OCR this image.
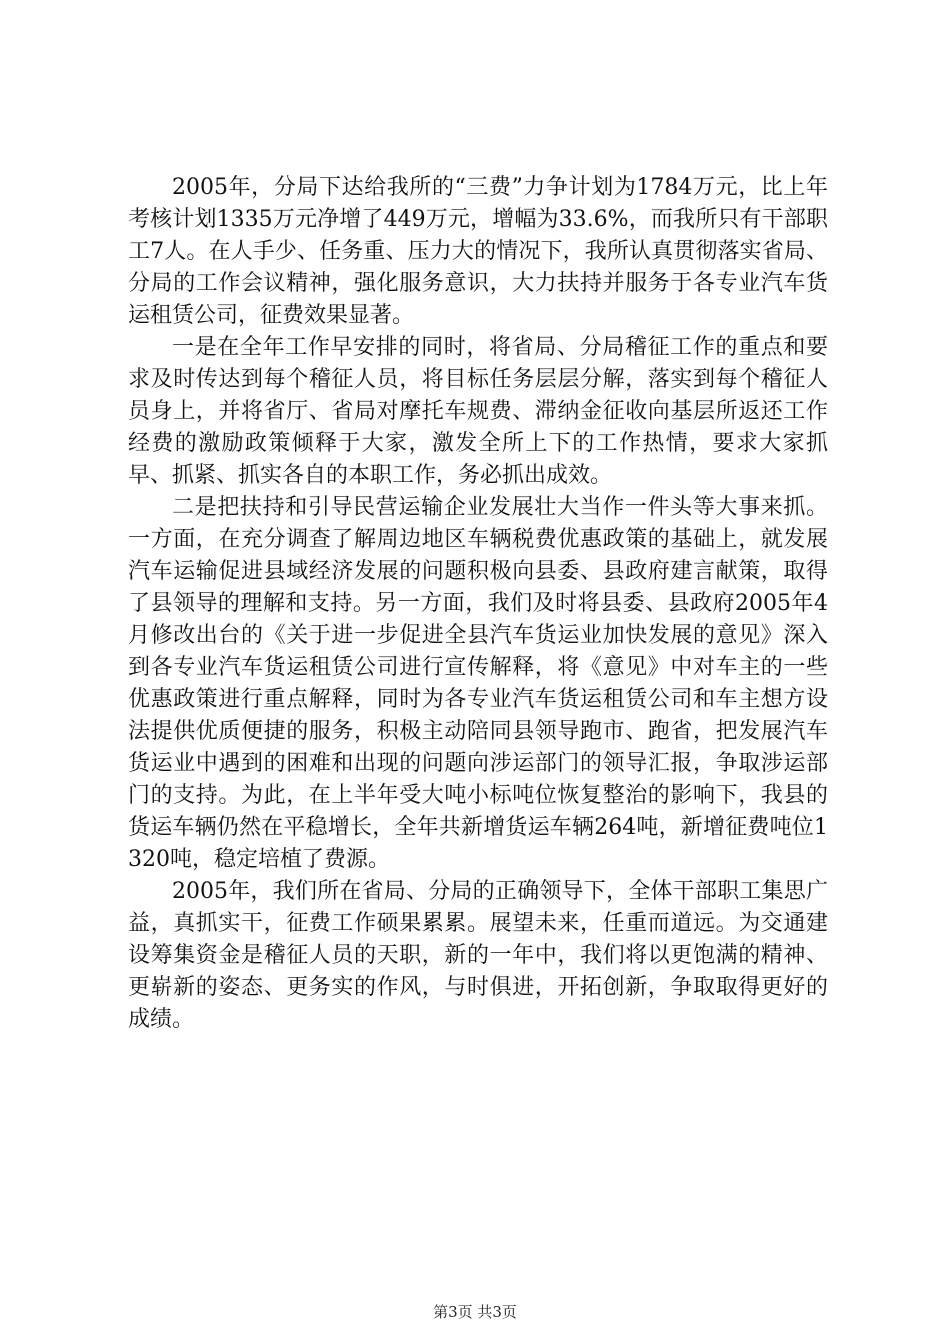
2005年，分局下达给我所的“三费”力争计划为1784万元，比上年考核计划1335万元净增了449万元，增幅为33.6%，而我所只有干部职工7人。在人手少、任务重、压力大的情况下，我所认真贯彻落实省局、分局的工作会议精神，强化服务意识，大力扶持并服务于各专业汽车货运租赁公司，征费效果显著。

一是在全年工作早安排的同时，将省局、分局稽征工作的重点和要求及时传达到每个稽征人员，将目标任务层层分解，落实到每个稽征人员身上，并将省厅、省局对摩托车规费、滞纳金征收向基层所返还工作经费的激励政策倾释于大家，激发全所上下的工作热情，要求大家抓早、抓紧、抓实各自的本职工作，务必抓出成效。

二是把扶持和引导民营运输企业发展壮大当作一件头等大事来抓。一方面，在充分调查了解周边地区车辆税费优惠政策的基础上，就发展汽车运输促进县域经济发展的问题积极向县委、县政府建言献策，取得了县领导的理解和支持。另一方面，我们及时将县委、县政府2005年4月修改出台的《关于进一步促进全县汽车货运业加快发展的意见》深入到各专业汽车货运租赁公司进行宣传解释，将《意见》中对车主的一些优惠政策进行重点解释，同时为各专业汽车货运租赁公司和车主想方设法提供优质便捷的服务，积极主动陪同县领导跑市、跑省，把发展汽车货运业中遇到的困难和出现的问题向涉运部门的领导汇报，争取涉运部门的支持。为此，在上半年受大吨小标吨位恢复整治的影响下，我县的货运车辆仍然在平稳增长，全年共新增货运车辆264吨，新增征费吨位1320吨，稳定培植了费源。

2005年，我们所在省局、分局的正确领导下，全体干部职工集思广益，真抓实干，征费工作硕果累累。展望未来，任重而道远。为交通建设筹集资金是稽征人员的天职，新的一年中，我们将以更饱满的精神、更崭新的姿态、更务实的作风，与时俱进，开拓创新，争取取得更好的成绩。

第3页 共3页
